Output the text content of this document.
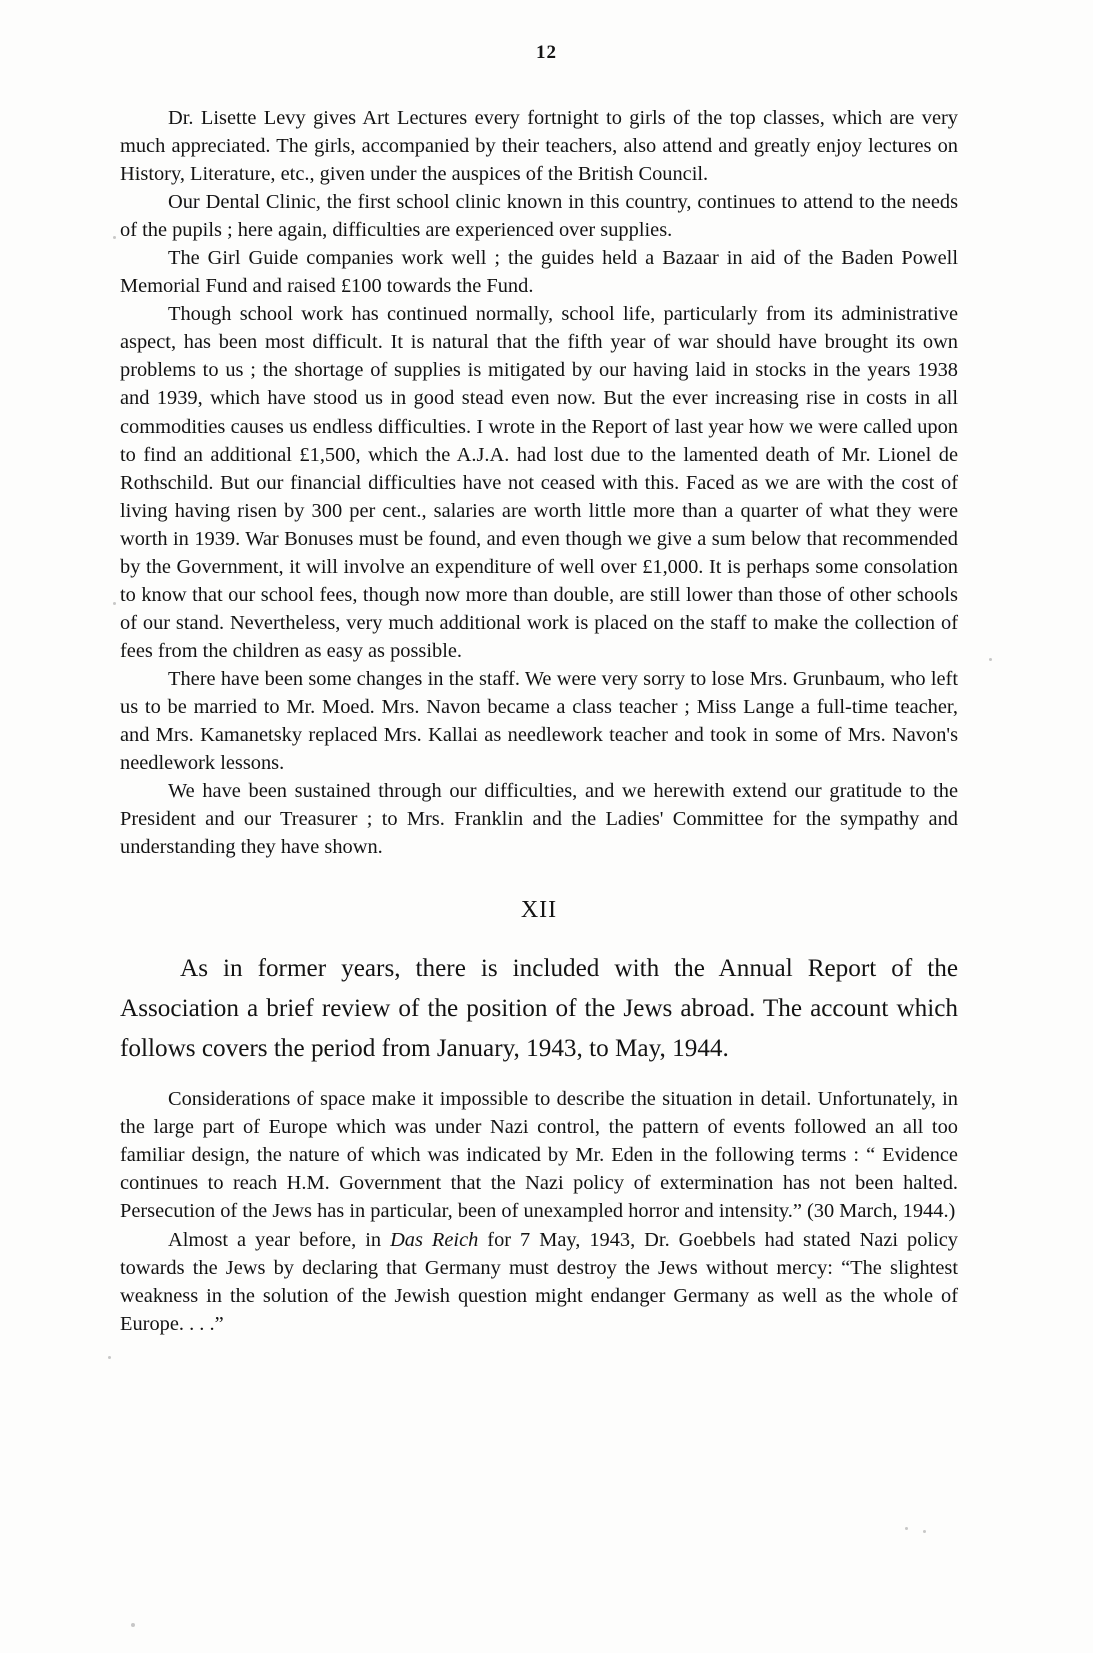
12

Dr. Lisette Levy gives Art Lectures every fortnight to girls of the top classes, which are very much appreciated. The girls, accompanied by their teachers, also attend and greatly enjoy lectures on History, Literature, etc., given under the auspices of the British Council.

Our Dental Clinic, the first school clinic known in this country, continues to attend to the needs of the pupils ; here again, difficulties are experienced over supplies.

The Girl Guide companies work well ; the guides held a Bazaar in aid of the Baden Powell Memorial Fund and raised £100 towards the Fund.

Though school work has continued normally, school life, particularly from its administrative aspect, has been most difficult. It is natural that the fifth year of war should have brought its own problems to us ; the shortage of supplies is mitigated by our having laid in stocks in the years 1938 and 1939, which have stood us in good stead even now. But the ever increasing rise in costs in all commodities causes us endless difficulties. I wrote in the Report of last year how we were called upon to find an additional £1,500, which the A.J.A. had lost due to the lamented death of Mr. Lionel de Rothschild. But our financial difficulties have not ceased with this. Faced as we are with the cost of living having risen by 300 per cent., salaries are worth little more than a quarter of what they were worth in 1939. War Bonuses must be found, and even though we give a sum below that recommended by the Government, it will involve an expenditure of well over £1,000. It is perhaps some consolation to know that our school fees, though now more than double, are still lower than those of other schools of our stand. Nevertheless, very much additional work is placed on the staff to make the collection of fees from the children as easy as possible.

There have been some changes in the staff. We were very sorry to lose Mrs. Grunbaum, who left us to be married to Mr. Moed. Mrs. Navon became a class teacher ; Miss Lange a full-time teacher, and Mrs. Kamanetsky replaced Mrs. Kallai as needlework teacher and took in some of Mrs. Navon's needlework lessons.

We have been sustained through our difficulties, and we herewith extend our gratitude to the President and our Treasurer ; to Mrs. Franklin and the Ladies' Committee for the sympathy and understanding they have shown.

XII

As in former years, there is included with the Annual Report of the Association a brief review of the position of the Jews abroad. The account which follows covers the period from January, 1943, to May, 1944.

Considerations of space make it impossible to describe the situation in detail. Unfortunately, in the large part of Europe which was under Nazi control, the pattern of events followed an all too familiar design, the nature of which was indicated by Mr. Eden in the following terms : “ Evidence continues to reach H.M. Government that the Nazi policy of extermination has not been halted. Persecution of the Jews has in particular, been of unexampled horror and intensity.” (30 March, 1944.)

Almost a year before, in Das Reich for 7 May, 1943, Dr. Goebbels had stated Nazi policy towards the Jews by declaring that Germany must destroy the Jews without mercy: “The slightest weakness in the solution of the Jewish question might endanger Germany as well as the whole of Europe. . . .”
